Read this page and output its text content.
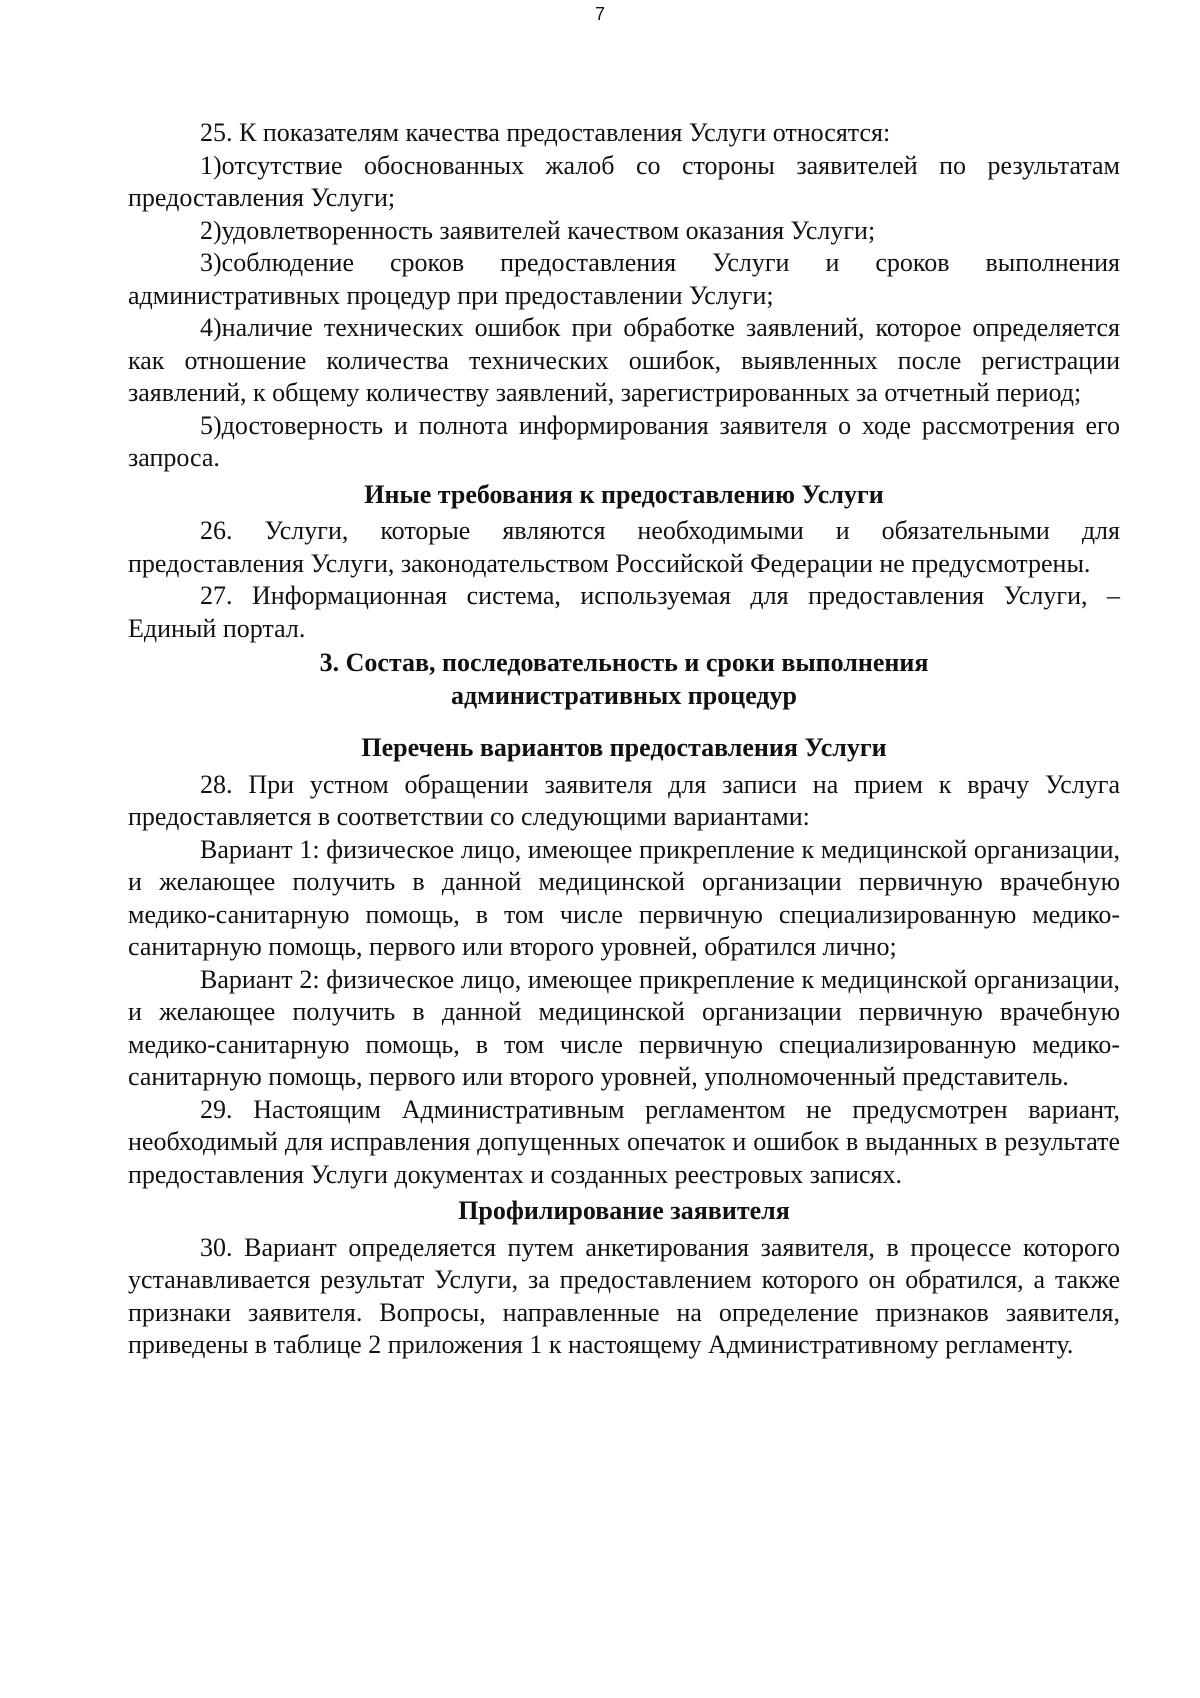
7

25. К показателям качества предоставления Услуги относятся:

1)отсутствие обоснованных жалоб со стороны заявителей по результатам предоставления Услуги;

2)удовлетворенность заявителей качеством оказания Услуги;

3)соблюдение сроков предоставления Услуги и сроков выполнения административных процедур при предоставлении Услуги;

4)наличие технических ошибок при обработке заявлений, которое определяется как отношение количества технических ошибок, выявленных после регистрации заявлений, к общему количеству заявлений, зарегистрированных за отчетный период;

5)достоверность и полнота информирования заявителя о ходе рассмотрения его запроса.

Иные требования к предоставлению Услуги

26. Услуги, которые являются необходимыми и обязательными для предоставления Услуги, законодательством Российской Федерации не предусмотрены.

27. Информационная система, используемая для предоставления Услуги, – Единый портал.

3. Состав, последовательность и сроки выполнения

административных процедур

Перечень вариантов предоставления Услуги

28. При устном обращении заявителя для записи на прием к врачу Услуга предоставляется в соответствии со следующими вариантами:

Вариант 1: физическое лицо, имеющее прикрепление к медицинской организации, и желающее получить в данной медицинской организации первичную врачебную медико-санитарную помощь, в том числе первичную специализированную медико-санитарную помощь, первого или второго уровней, обратился лично;

Вариант 2: физическое лицо, имеющее прикрепление к медицинской организации, и желающее получить в данной медицинской организации первичную врачебную медико-санитарную помощь, в том числе первичную специализированную медико-санитарную помощь, первого или второго уровней, уполномоченный представитель.

29. Настоящим Административным регламентом не предусмотрен вариант, необходимый для исправления допущенных опечаток и ошибок в выданных в результате предоставления Услуги документах и созданных реестровых записях.

Профилирование заявителя

30. Вариант определяется путем анкетирования заявителя, в процессе которого устанавливается результат Услуги, за предоставлением которого он обратился, а также признаки заявителя. Вопросы, направленные на определение признаков заявителя, приведены в таблице 2 приложения 1 к настоящему Административному регламенту.
